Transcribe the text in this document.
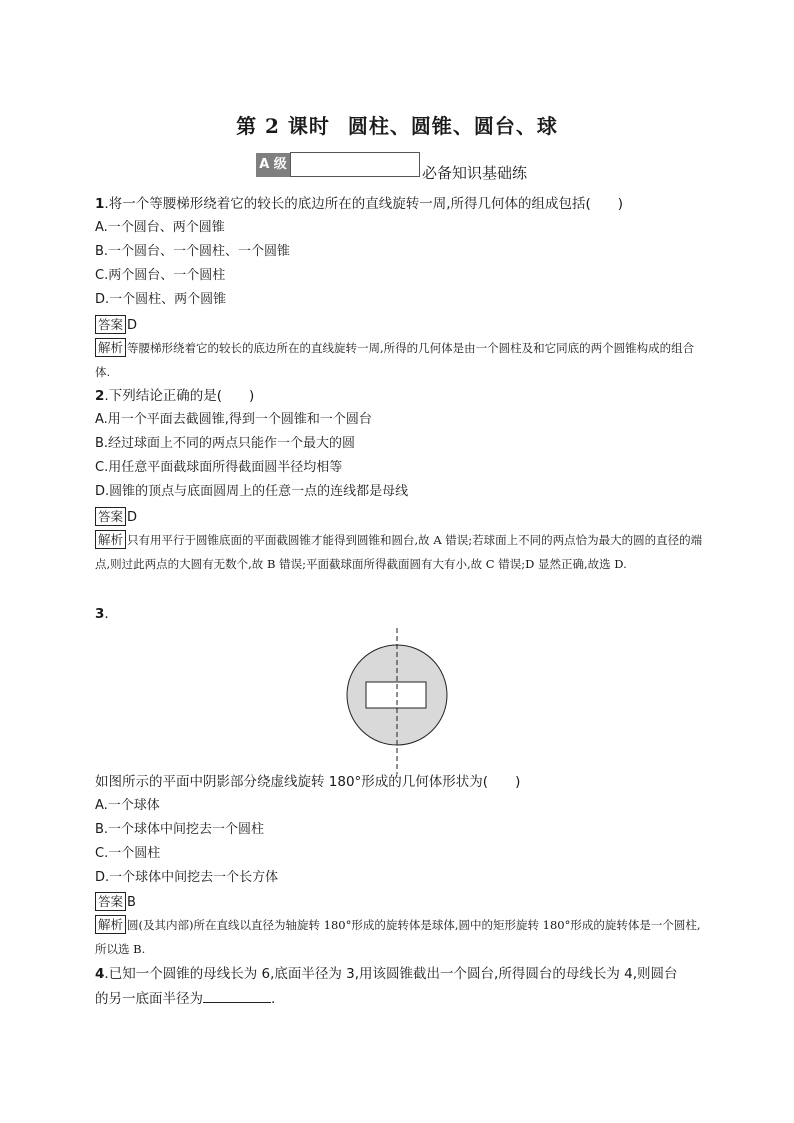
第 2 课时 圆柱、圆锥、圆台、球
A 级	必备知识基础练
1.将一个等腰梯形绕着它的较长的底边所在的直线旋转一周,所得几何体的组成包括(　　)
A.一个圆台、两个圆锥
B.一个圆台、一个圆柱、一个圆锥
C.两个圆台、一个圆柱
D.一个圆柱、两个圆锥
答案 D
解析 等腰梯形绕着它的较长的底边所在的直线旋转一周,所得的几何体是由一个圆柱及和它同底的两个圆锥构成的组合体.
2.下列结论正确的是(　　)
A.用一个平面去截圆锥,得到一个圆锥和一个圆台
B.经过球面上不同的两点只能作一个最大的圆
C.用任意平面截球面所得截面圆半径均相等
D.圆锥的顶点与底面圆周上的任意一点的连线都是母线
答案 D
解析 只有用平行于圆锥底面的平面截圆锥才能得到圆锥和圆台,故 A 错误;若球面上不同的两点恰为最大的圆的直径的端点,则过此两点的大圆有无数个,故 B 错误;平面截球面所得截面圆有大有小,故 C 错误;D 显然正确,故选 D.
3.
如图所示的平面中阴影部分绕虚线旋转 180°形成的几何体形状为(　　)
A.一个球体
B.一个球体中间挖去一个圆柱
C.一个圆柱
D.一个球体中间挖去一个长方体
答案 B
解析 圆(及其内部)所在直线以直径为轴旋转 180°形成的旋转体是球体,圆中的矩形旋转 180°形成的旋转体是一个圆柱,所以选 B.
4.已知一个圆锥的母线长为 6,底面半径为 3,用该圆锥截出一个圆台,所得圆台的母线长为 4,则圆台
的另一底面半径为	.
